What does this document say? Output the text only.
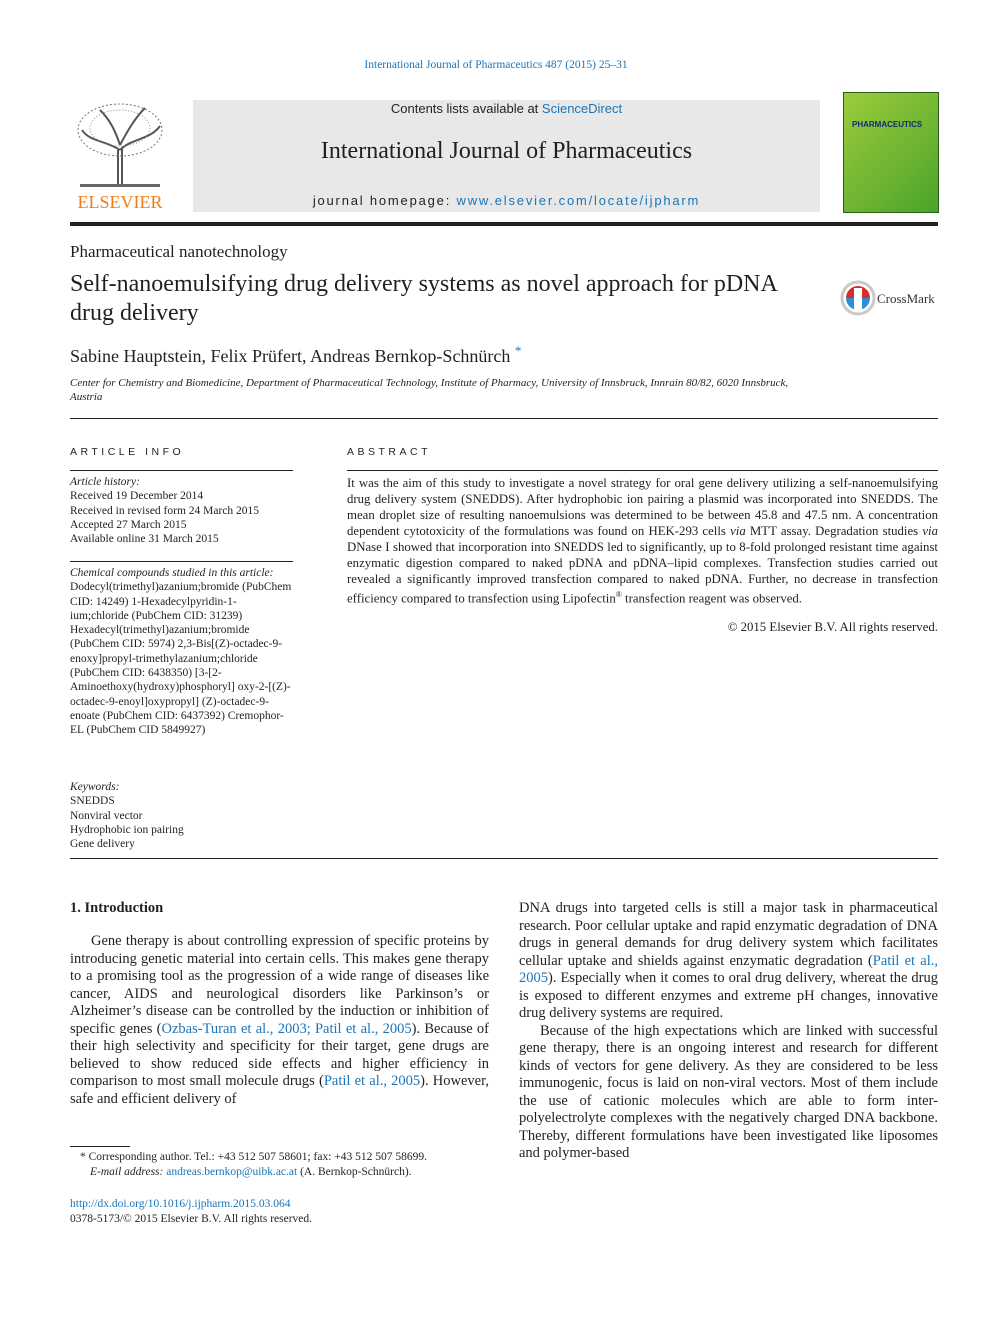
International Journal of Pharmaceutics 487 (2015) 25–31
ELSEVIER
Contents lists available at ScienceDirect
International Journal of Pharmaceutics
journal homepage: www.elsevier.com/locate/ijpharm
PHARMACEUTICS
Pharmaceutical nanotechnology
Self-nanoemulsifying drug delivery systems as novel approach for pDNA drug delivery
CrossMark
Sabine Hauptstein, Felix Prüfert, Andreas Bernkop-Schnürch *
Center for Chemistry and Biomedicine, Department of Pharmaceutical Technology, Institute of Pharmacy, University of Innsbruck, Innrain 80/82, 6020 Innsbruck, Austria
ARTICLE INFO
Article history:
Received 19 December 2014
Received in revised form 24 March 2015
Accepted 27 March 2015
Available online 31 March 2015
Chemical compounds studied in this article:
Dodecyl(trimethyl)azanium;bromide (PubChem CID: 14249) 1-Hexadecylpyridin-1-ium;chloride (PubChem CID: 31239) Hexadecyl(trimethyl)azanium;bromide (PubChem CID: 5974) 2,3-Bis[(Z)-octadec-9-enoxy]propyl-trimethylazanium;chloride (PubChem CID: 6438350) [3-[2-Aminoethoxy(hydroxy)phosphoryl] oxy-2-[(Z)-octadec-9-enoyl]oxypropyl] (Z)-octadec-9-enoate (PubChem CID: 6437392) Cremophor-EL (PubChem CID 5849927)
Keywords:
SNEDDS
Nonviral vector
Hydrophobic ion pairing
Gene delivery
ABSTRACT
It was the aim of this study to investigate a novel strategy for oral gene delivery utilizing a self-nanoemulsifying drug delivery system (SNEDDS). After hydrophobic ion pairing a plasmid was incorporated into SNEDDS. The mean droplet size of resulting nanoemulsions was determined to be between 45.8 and 47.5 nm. A concentration dependent cytotoxicity of the formulations was found on HEK-293 cells via MTT assay. Degradation studies via DNase I showed that incorporation into SNEDDS led to significantly, up to 8-fold prolonged resistant time against enzymatic digestion compared to naked pDNA and pDNA–lipid complexes. Transfection studies carried out revealed a significantly improved transfection compared to naked pDNA. Further, no decrease in transfection efficiency compared to transfection using Lipofectin® transfection reagent was observed.
© 2015 Elsevier B.V. All rights reserved.
1. Introduction

Gene therapy is about controlling expression of specific proteins by introducing genetic material into certain cells. This makes gene therapy to a promising tool as the progression of a wide range of diseases like cancer, AIDS and neurological disorders like Parkinson’s or Alzheimer’s disease can be controlled by the induction or inhibition of specific genes (Ozbas-Turan et al., 2003; Patil et al., 2005). Because of their high selectivity and specificity for their target, gene drugs are believed to show reduced side effects and higher efficiency in comparison to most small molecule drugs (Patil et al., 2005). However, safe and efficient delivery of

DNA drugs into targeted cells is still a major task in pharmaceutical research. Poor cellular uptake and rapid enzymatic degradation of DNA drugs in general demands for drug delivery system which facilitates cellular uptake and shields against enzymatic degradation (Patil et al., 2005). Especially when it comes to oral drug delivery, whereat the drug is exposed to different enzymes and extreme pH changes, innovative drug delivery systems are required.

Because of the high expectations which are linked with successful gene therapy, there is an ongoing interest and research for different kinds of vectors for gene delivery. As they are considered to be less immunogenic, focus is laid on non-viral vectors. Most of them include the use of cationic molecules which are able to form inter-polyelectrolyte complexes with the negatively charged DNA backbone. Thereby, different formulations have been investigated like liposomes and polymer-based

* Corresponding author. Tel.: +43 512 507 58601; fax: +43 512 507 58699.
E-mail address: andreas.bernkop@uibk.ac.at (A. Bernkop-Schnürch).
http://dx.doi.org/10.1016/j.ijpharm.2015.03.064
0378-5173/© 2015 Elsevier B.V. All rights reserved.
